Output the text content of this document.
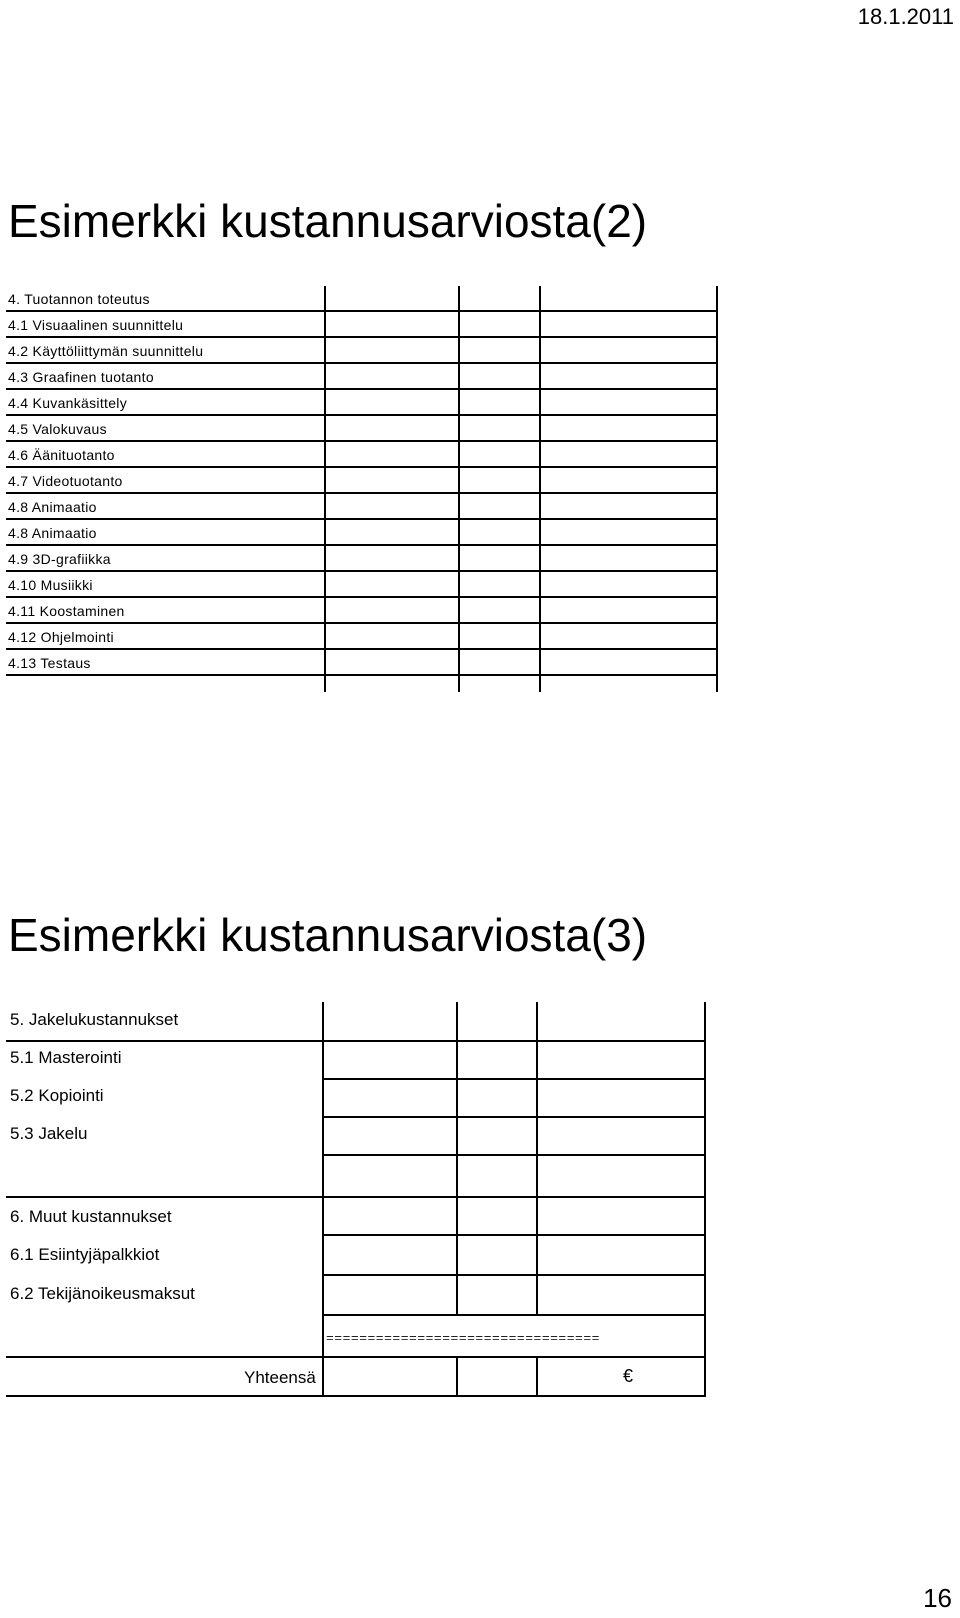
18.1.2011
Esimerkki kustannusarviosta(2)
4. Tuotannon toteutus
4.1 Visuaalinen suunnittelu
4.2 Käyttöliittymän suunnittelu
4.3 Graafinen tuotanto
4.4 Kuvankäsittely
4.5 Valokuvaus
4.6 Äänituotanto
4.7 Videotuotanto
4.8 Animaatio
4.8 Animaatio
4.9 3D-grafiikka
4.10 Musiikki
4.11 Koostaminen
4.12 Ohjelmointi
4.13 Testaus
Esimerkki kustannusarviosta(3)
5. Jakelukustannukset
5.1 Masterointi
5.2 Kopiointi
5.3 Jakelu
6. Muut kustannukset
6.1 Esiintyjäpalkkiot
6.2 Tekijänoikeusmaksut
=================================
Yhteensä	€
16
